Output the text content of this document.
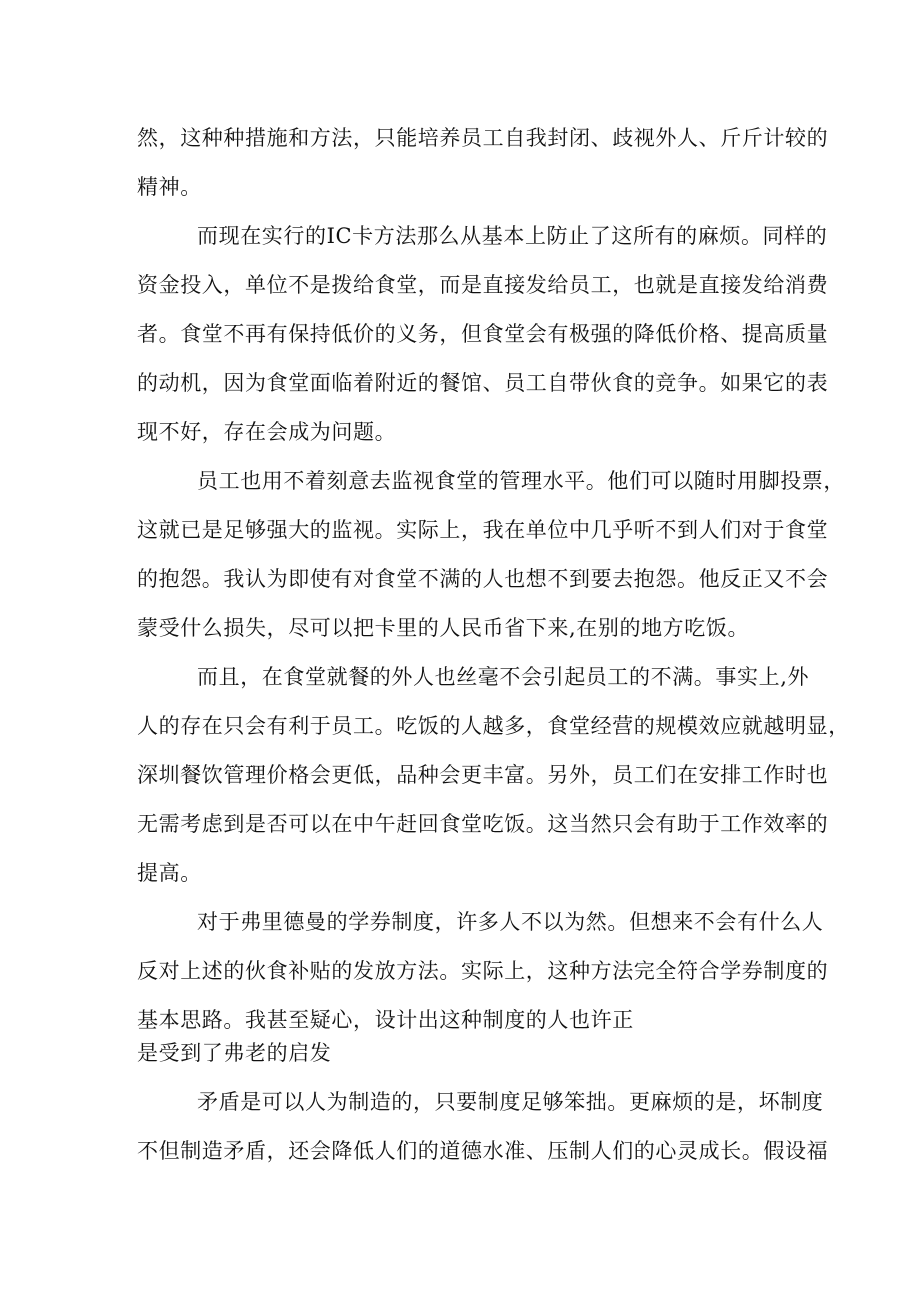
然，这种种措施和方法，只能培养员工自我封闭、歧视外人、斤斤计较的
精神。
而现在实行的IC卡方法那么从基本上防止了这所有的麻烦。同样的
资金投入，单位不是拨给食堂，而是直接发给员工，也就是直接发给消费
者。食堂不再有保持低价的义务，但食堂会有极强的降低价格、提高质量
的动机，因为食堂面临着附近的餐馆、员工自带伙食的竞争。如果它的表
现不好，存在会成为问题。
员工也用不着刻意去监视食堂的管理水平。他们可以随时用脚投票，
这就已是足够强大的监视。实际上，我在单位中几乎听不到人们对于食堂
的抱怨。我认为即使有对食堂不满的人也想不到要去抱怨。他反正又不会
蒙受什么损失，尽可以把卡里的人民币省下来,在别的地方吃饭。
而且，在食堂就餐的外人也丝毫不会引起员工的不满。事实上,外
人的存在只会有利于员工。吃饭的人越多，食堂经营的规模效应就越明显，
深圳餐饮管理价格会更低，品种会更丰富。另外，员工们在安排工作时也
无需考虑到是否可以在中午赶回食堂吃饭。这当然只会有助于工作效率的
提高。
对于弗里德曼的学券制度，许多人不以为然。但想来不会有什么人
反对上述的伙食补贴的发放方法。实际上，这种方法完全符合学券制度的
基本思路。我甚至疑心，设计出这种制度的人也许正
是受到了弗老的启发
矛盾是可以人为制造的，只要制度足够笨拙。更麻烦的是，坏制度
不但制造矛盾，还会降低人们的道德水准、压制人们的心灵成长。假设福
